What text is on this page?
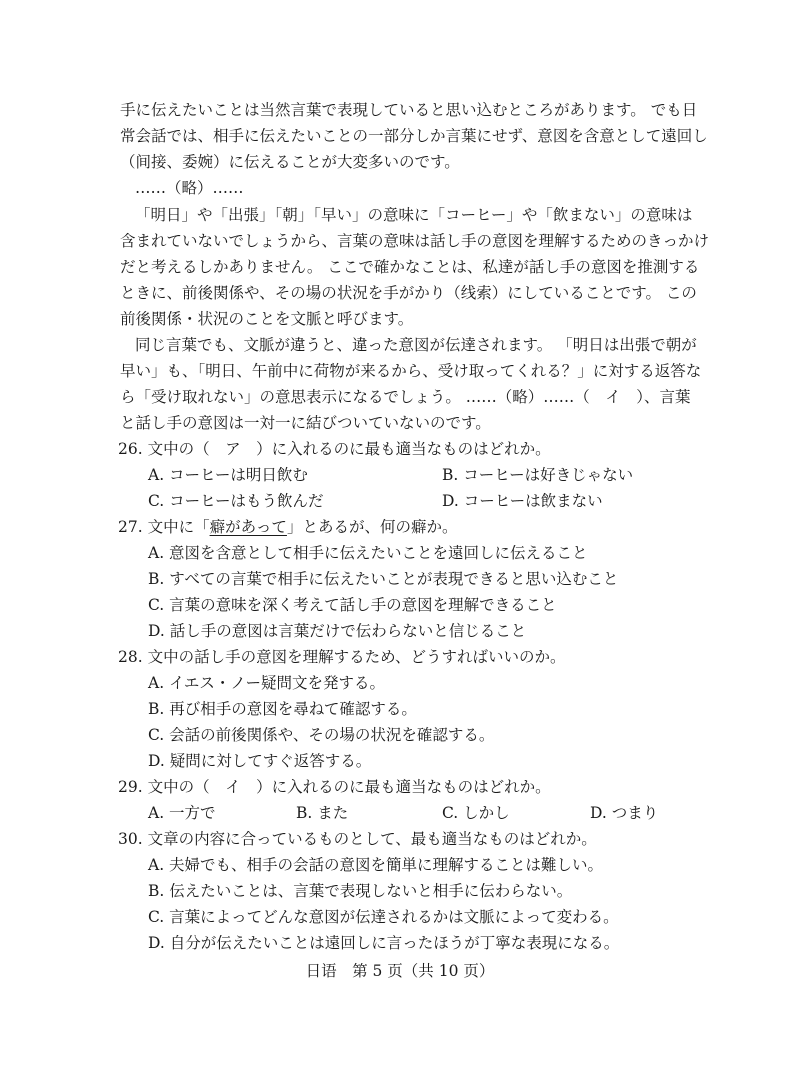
手に伝えたいことは当然言葉で表現していると思い込むところがあります。 でも日
常会話では、相手に伝えたいことの一部分しか言葉にせず、意図を含意として遠回し
（间接、委婉）に伝えることが大変多いのです。
……（略）……
「明日」や「出張」「朝」「早い」の意味に「コーヒー」や「飲まない」の意味は
含まれていないでしょうから、言葉の意味は話し手の意図を理解するためのきっかけ
だと考えるしかありません。 ここで確かなことは、私達が話し手の意図を推測する
ときに、前後関係や、その場の状況を手がかり（线索）にしていることです。 この
前後関係・状況のことを文脈と呼びます。
同じ言葉でも、文脈が違うと、違った意図が伝達されます。 「明日は出張で朝が
早い」も、「明日、午前中に荷物が来るから、受け取ってくれる？」に対する返答な
ら「受け取れない」の意思表示になるでしょう。 ……（略）……（　イ　）、言葉
と話し手の意図は一対一に結びついていないのです。
26. 文中の（　ア　）に入れるのに最も適当なものはどれか。
A. コーヒーは明日飲む	B. コーヒーは好きじゃない
C. コーヒーはもう飲んだ	D. コーヒーは飲まない
27. 文中に「癖があって」とあるが、何の癖か。
A. 意図を含意として相手に伝えたいことを遠回しに伝えること
B. すべての言葉で相手に伝えたいことが表現できると思い込むこと
C. 言葉の意味を深く考えて話し手の意図を理解できること
D. 話し手の意図は言葉だけで伝わらないと信じること
28. 文中の話し手の意図を理解するため、どうすればいいのか。
A. イエス・ノー疑問文を発する。
B. 再び相手の意図を尋ねて確認する。
C. 会話の前後関係や、その場の状況を確認する。
D. 疑問に対してすぐ返答する。
29. 文中の（　イ　）に入れるのに最も適当なものはどれか。
A. 一方で	B. また	C. しかし	D. つまり
30. 文章の内容に合っているものとして、最も適当なものはどれか。
A. 夫婦でも、相手の会話の意図を簡単に理解することは難しい。
B. 伝えたいことは、言葉で表現しないと相手に伝わらない。
C. 言葉によってどんな意図が伝達されるかは文脈によって変わる。
D. 自分が伝えたいことは遠回しに言ったほうが丁寧な表現になる。
日语　第 5 页（共 10 页）
